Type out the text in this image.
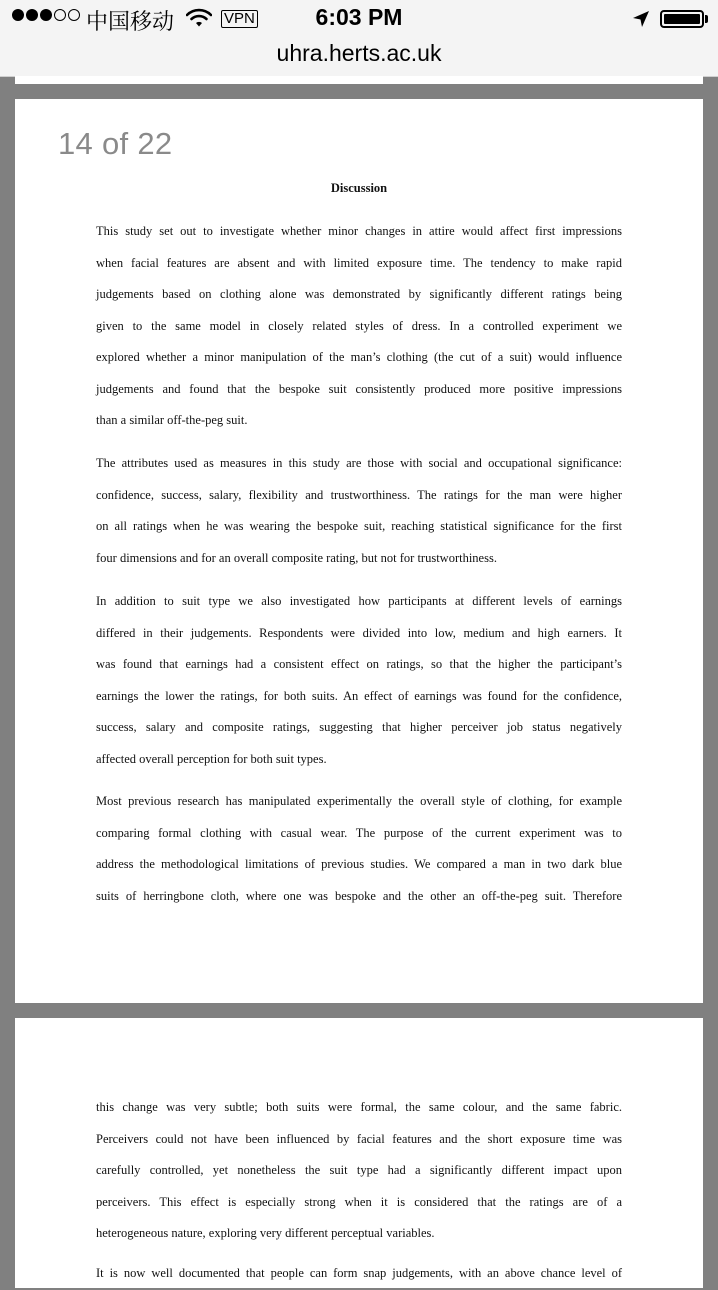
中国移动	VPN	6:03 PM
uhra.herts.ac.uk
14 of 22
Discussion

This study set out to investigate whether minor changes in attire would affect first impressions
when facial features are absent and with limited exposure time. The tendency to make rapid
judgements based on clothing alone was demonstrated by significantly different ratings being
given to the same model in closely related styles of dress. In a controlled experiment we
explored whether a minor manipulation of the man’s clothing (the cut of a suit) would influence
judgements and found that the bespoke suit consistently produced more positive impressions
than a similar off-the-peg suit.

The attributes used as measures in this study are those with social and occupational significance:
confidence, success, salary, flexibility and trustworthiness. The ratings for the man were higher
on all ratings when he was wearing the bespoke suit, reaching statistical significance for the first
four dimensions and for an overall composite rating, but not for trustworthiness.

In addition to suit type we also investigated how participants at different levels of earnings
differed in their judgements. Respondents were divided into low, medium and high earners. It
was found that earnings had a consistent effect on ratings, so that the higher the participant’s
earnings the lower the ratings, for both suits. An effect of earnings was found for the confidence,
success, salary and composite ratings, suggesting that higher perceiver job status negatively
affected overall perception for both suit types.

Most previous research has manipulated experimentally the overall style of clothing, for example
comparing formal clothing with casual wear. The purpose of the current experiment was to
address the methodological limitations of previous studies. We compared a man in two dark blue
suits of herringbone cloth, where one was bespoke and the other an off-the-peg suit. Therefore

this change was very subtle; both suits were formal, the same colour, and the same fabric.
Perceivers could not have been influenced by facial features and the short exposure time was
carefully controlled, yet nonetheless the suit type had a significantly different impact upon
perceivers. This effect is especially strong when it is considered that the ratings are of a
heterogeneous nature, exploring very different perceptual variables.

It is now well documented that people can form snap judgements, with an above chance level of
